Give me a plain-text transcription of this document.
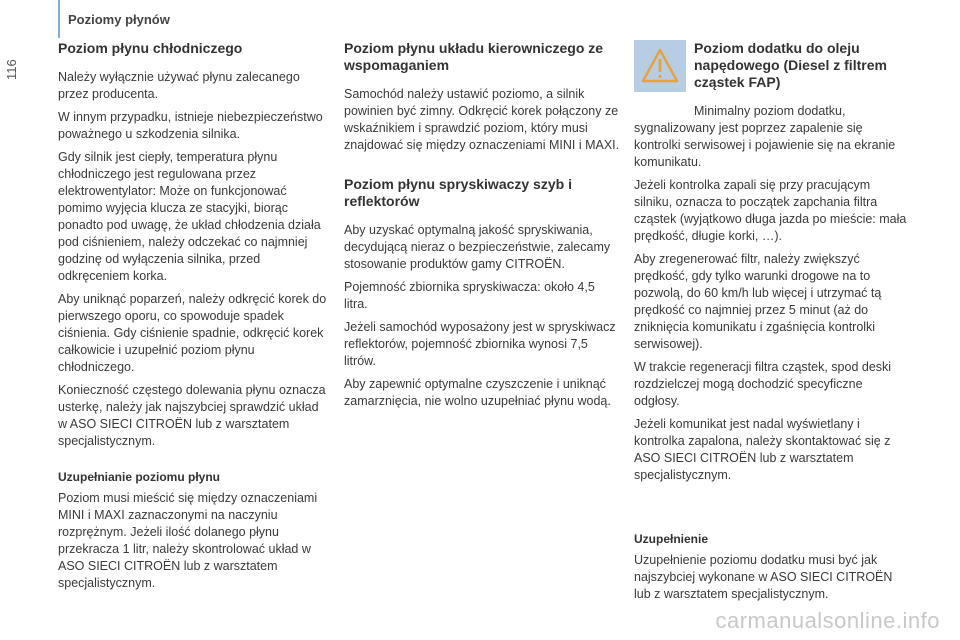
Poziomy płynów
116
Poziom płynu chłodniczego

Należy wyłącznie używać płynu zalecanego przez producenta.

W innym przypadku, istnieje niebezpieczeństwo poważnego u szkodzenia silnika.

Gdy silnik jest ciepły, temperatura płynu chłodniczego jest regulowana przez elektrowentylator: Może on funkcjonować pomimo wyjęcia klucza ze stacyjki, biorąc ponadto pod uwagę, że układ chłodzenia działa pod ciśnieniem, należy odczekać co najmniej godzinę od wyłączenia silnika, przed odkręceniem korka.

Aby uniknąć poparzeń, należy odkręcić korek do pierwszego oporu, co spowoduje spadek ciśnienia. Gdy ciśnienie spadnie, odkręcić korek całkowicie i uzupełnić poziom płynu chłodniczego.

Konieczność częstego dolewania płynu oznacza usterkę, należy jak najszybciej sprawdzić układ w ASO SIECI CITROËN lub z warsztatem specjalistycznym.

Uzupełnianie poziomu płynu

Poziom musi mieścić się między oznaczeniami MINI i MAXI zaznaczonymi na naczyniu rozprężnym. Jeżeli ilość dolanego płynu przekracza 1 litr, należy skontrolować układ w ASO SIECI CITROËN lub z warsztatem specjalistycznym.

Poziom płynu układu kierowniczego ze wspomaganiem

Samochód należy ustawić poziomo, a silnik powinien być zimny. Odkręcić korek połączony ze wskaźnikiem i sprawdzić poziom, który musi znajdować się między oznaczeniami MINI i MAXI.

Poziom płynu spryskiwaczy szyb i reflektorów

Aby uzyskać optymalną jakość spryskiwania, decydującą nieraz o bezpieczeństwie, zalecamy stosowanie produktów gamy CITROËN.

Pojemność zbiornika spryskiwacza: około 4,5 litra.

Jeżeli samochód wyposażony jest w spryskiwacz reflektorów, pojemność zbiornika wynosi 7,5 litrów.

Aby zapewnić optymalne czyszczenie i uniknąć zamarznięcia, nie wolno uzupełniać płynu wodą.

Poziom dodatku do oleju napędowego (Diesel z filtrem cząstek FAP)

Minimalny poziom dodatku, sygnalizowany jest poprzez zapalenie się kontrolki serwisowej i pojawienie się na ekranie komunikatu.

Jeżeli kontrolka zapali się przy pracującym silniku, oznacza to początek zapchania filtra cząstek (wyjątkowo długa jazda po mieście: mała prędkość, długie korki, …).

Aby zregenerować filtr, należy zwiększyć prędkość, gdy tylko warunki drogowe na to pozwolą, do 60 km/h lub więcej i utrzymać tą prędkość co najmniej przez 5 minut (aż do zniknięcia komunikatu i zgaśnięcia kontrolki serwisowej).

W trakcie regeneracji filtra cząstek, spod deski rozdzielczej mogą dochodzić specyficzne odgłosy.

Jeżeli komunikat jest nadal wyświetlany i kontrolka zapalona, należy skontaktować się z ASO SIECI CITROËN lub z warsztatem specjalistycznym.

Uzupełnienie

Uzupełnienie poziomu dodatku musi być jak najszybciej wykonane w ASO SIECI CITROËN lub z warsztatem specjalistycznym.

carmanualsonline.info
